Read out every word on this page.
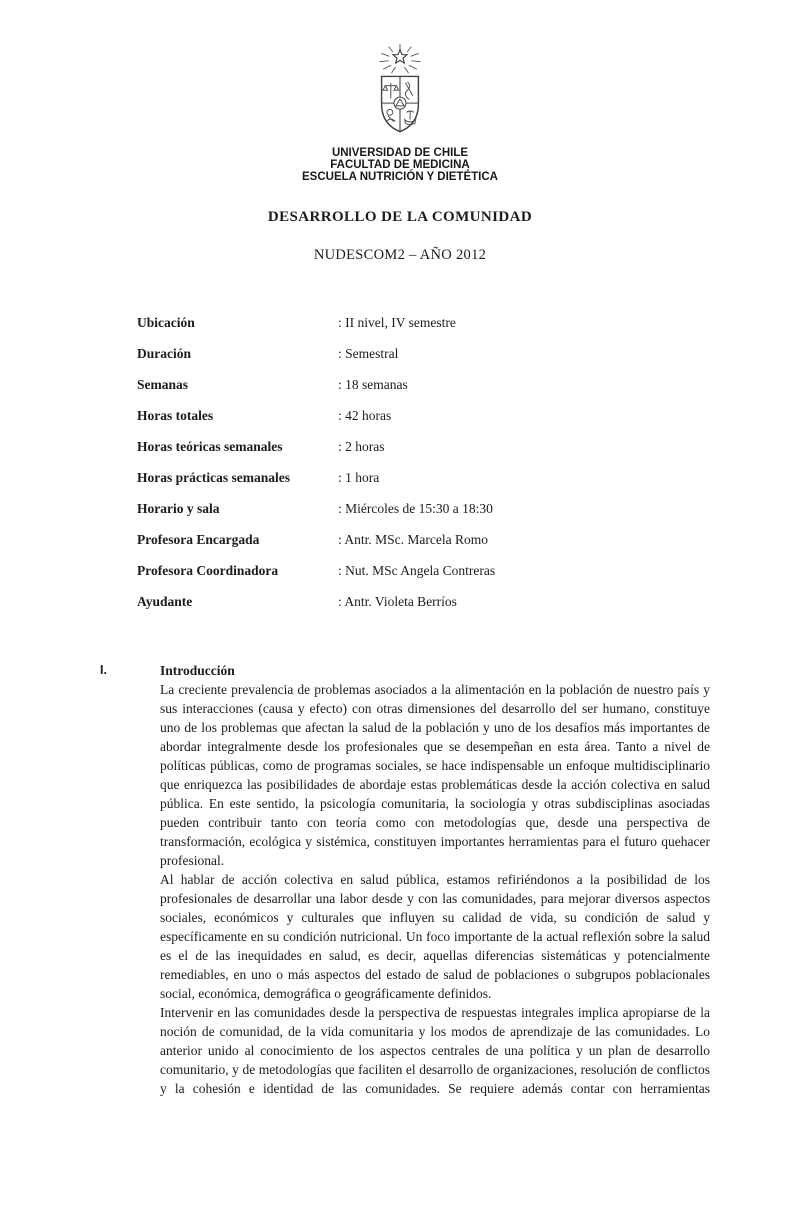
UNIVERSIDAD DE CHILE
FACULTAD DE MEDICINA
ESCUELA NUTRICIÓN Y DIETÉTICA
DESARROLLO DE LA COMUNIDAD
NUDESCOM2 – AÑO 2012
Ubicación	: II nivel, IV semestre
Duración	: Semestral
Semanas	: 18 semanas
Horas totales	: 42 horas
Horas teóricas semanales	: 2 horas
Horas prácticas semanales	: 1 hora
Horario y sala	: Miércoles de 15:30 a 18:30
Profesora Encargada	: Antr. MSc. Marcela Romo
Profesora Coordinadora	: Nut. MSc Angela Contreras
Ayudante	: Antr. Violeta Berríos
I.	Introducción

La creciente prevalencia de problemas asociados a la alimentación en la población de nuestro país y sus interacciones (causa y efecto) con otras dimensiones del desarrollo del ser humano, constituye uno de los problemas que afectan la salud de la población y uno de los desafíos más importantes de abordar integralmente desde los profesionales que se desempeñan en esta área. Tanto a nivel de políticas públicas, como de programas sociales, se hace indispensable un enfoque multidisciplinario que enriquezca las posibilidades de abordaje estas problemáticas desde la acción colectiva en salud pública. En este sentido, la psicología comunitaria, la sociología y otras subdisciplinas asociadas pueden contribuir tanto con teoría como con metodologías que, desde una perspectiva de transformación, ecológica y sistémica, constituyen importantes herramientas para el futuro quehacer profesional.

Al hablar de acción colectiva en salud pública, estamos refiriéndonos a la posibilidad de los profesionales de desarrollar una labor desde y con las comunidades, para mejorar diversos aspectos sociales, económicos y culturales que influyen su calidad de vida, su condición de salud y específicamente en su condición nutricional. Un foco importante de la actual reflexión sobre la salud es el de las inequidades en salud, es decir, aquellas diferencias sistemáticas y potencialmente remediables, en uno o más aspectos del estado de salud de poblaciones o subgrupos poblacionales social, económica, demográfica o geográficamente definidos.

Intervenir en las comunidades desde la perspectiva de respuestas integrales implica apropiarse de la noción de comunidad, de la vida comunitaria y los modos de aprendizaje de las comunidades. Lo anterior unido al conocimiento de los aspectos centrales de una política y un plan de desarrollo comunitario, y de metodologías que faciliten el desarrollo de organizaciones, resolución de conflictos y la cohesión e identidad de las comunidades. Se requiere además contar con herramientas
